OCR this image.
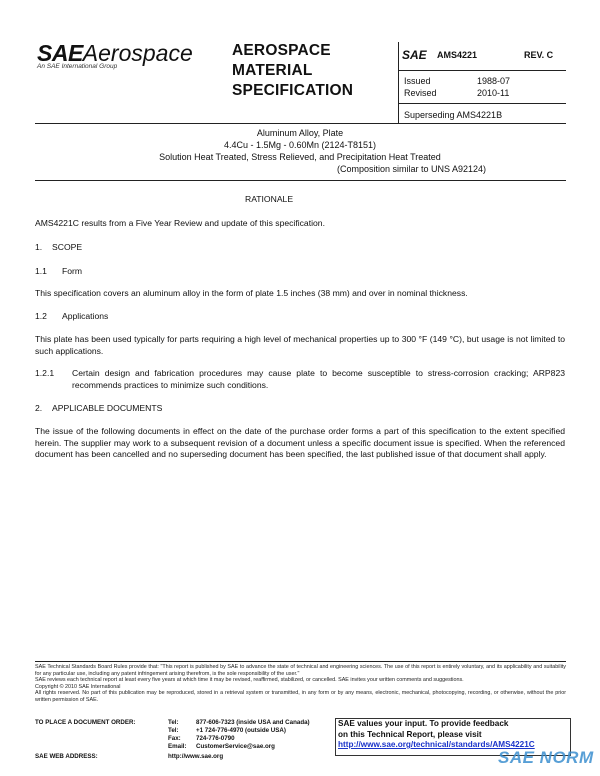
SAEAerospace
An SAE International Group
AEROSPACE
MATERIAL
SPECIFICATION
SAE AMS4221	REV. C
Issued	1988-07
Revised	2010-11
Superseding AMS4221B
Aluminum Alloy, Plate
4.4Cu - 1.5Mg - 0.60Mn (2124-T8151)
Solution Heat Treated, Stress Relieved, and Precipitation Heat Treated
(Composition similar to UNS A92124)
RATIONALE
AMS4221C results from a Five Year Review and update of this specification.
1. SCOPE
1.1 Form
This specification covers an aluminum alloy in the form of plate 1.5 inches (38 mm) and over in nominal thickness.
1.2 Applications
This plate has been used typically for parts requiring a high level of mechanical properties up to 300 °F (149 °C), but usage is not limited to such applications.
1.2.1 Certain design and fabrication procedures may cause plate to become susceptible to stress-corrosion cracking; ARP823 recommends practices to minimize such conditions.
2. APPLICABLE DOCUMENTS
The issue of the following documents in effect on the date of the purchase order forms a part of this specification to the extent specified herein. The supplier may work to a subsequent revision of a document unless a specific document issue is specified. When the referenced document has been cancelled and no superseding document has been specified, the last published issue of that document shall apply.
SAE Technical Standards Board Rules provide that: "This report is published by SAE to advance the state of technical and engineering sciences. The use of this report is entirely voluntary, and its applicability and suitability for any particular use, including any patent infringement arising therefrom, is the sole responsibility of the user."
SAE reviews each technical report at least every five years at which time it may be revised, reaffirmed, stabilized, or cancelled. SAE invites your written comments and suggestions.
Copyright © 2010 SAE International
All rights reserved. No part of this publication may be reproduced, stored in a retrieval system or transmitted, in any form or by any means, electronic, mechanical, photocopying, recording, or otherwise, without the prior written permission of SAE.
TO PLACE A DOCUMENT ORDER:	Tel:	877-606-7323 (inside USA and Canada)
Tel:	+1 724-776-4970 (outside USA)
Fax: 724-776-0790
Email: CustomerService@sae.org
SAE WEB ADDRESS:	http://www.sae.org
SAE values your input. To provide feedback
on this Technical Report, please visit
http://www.sae.org/technical/standards/AMS4221C
SAE NORM
